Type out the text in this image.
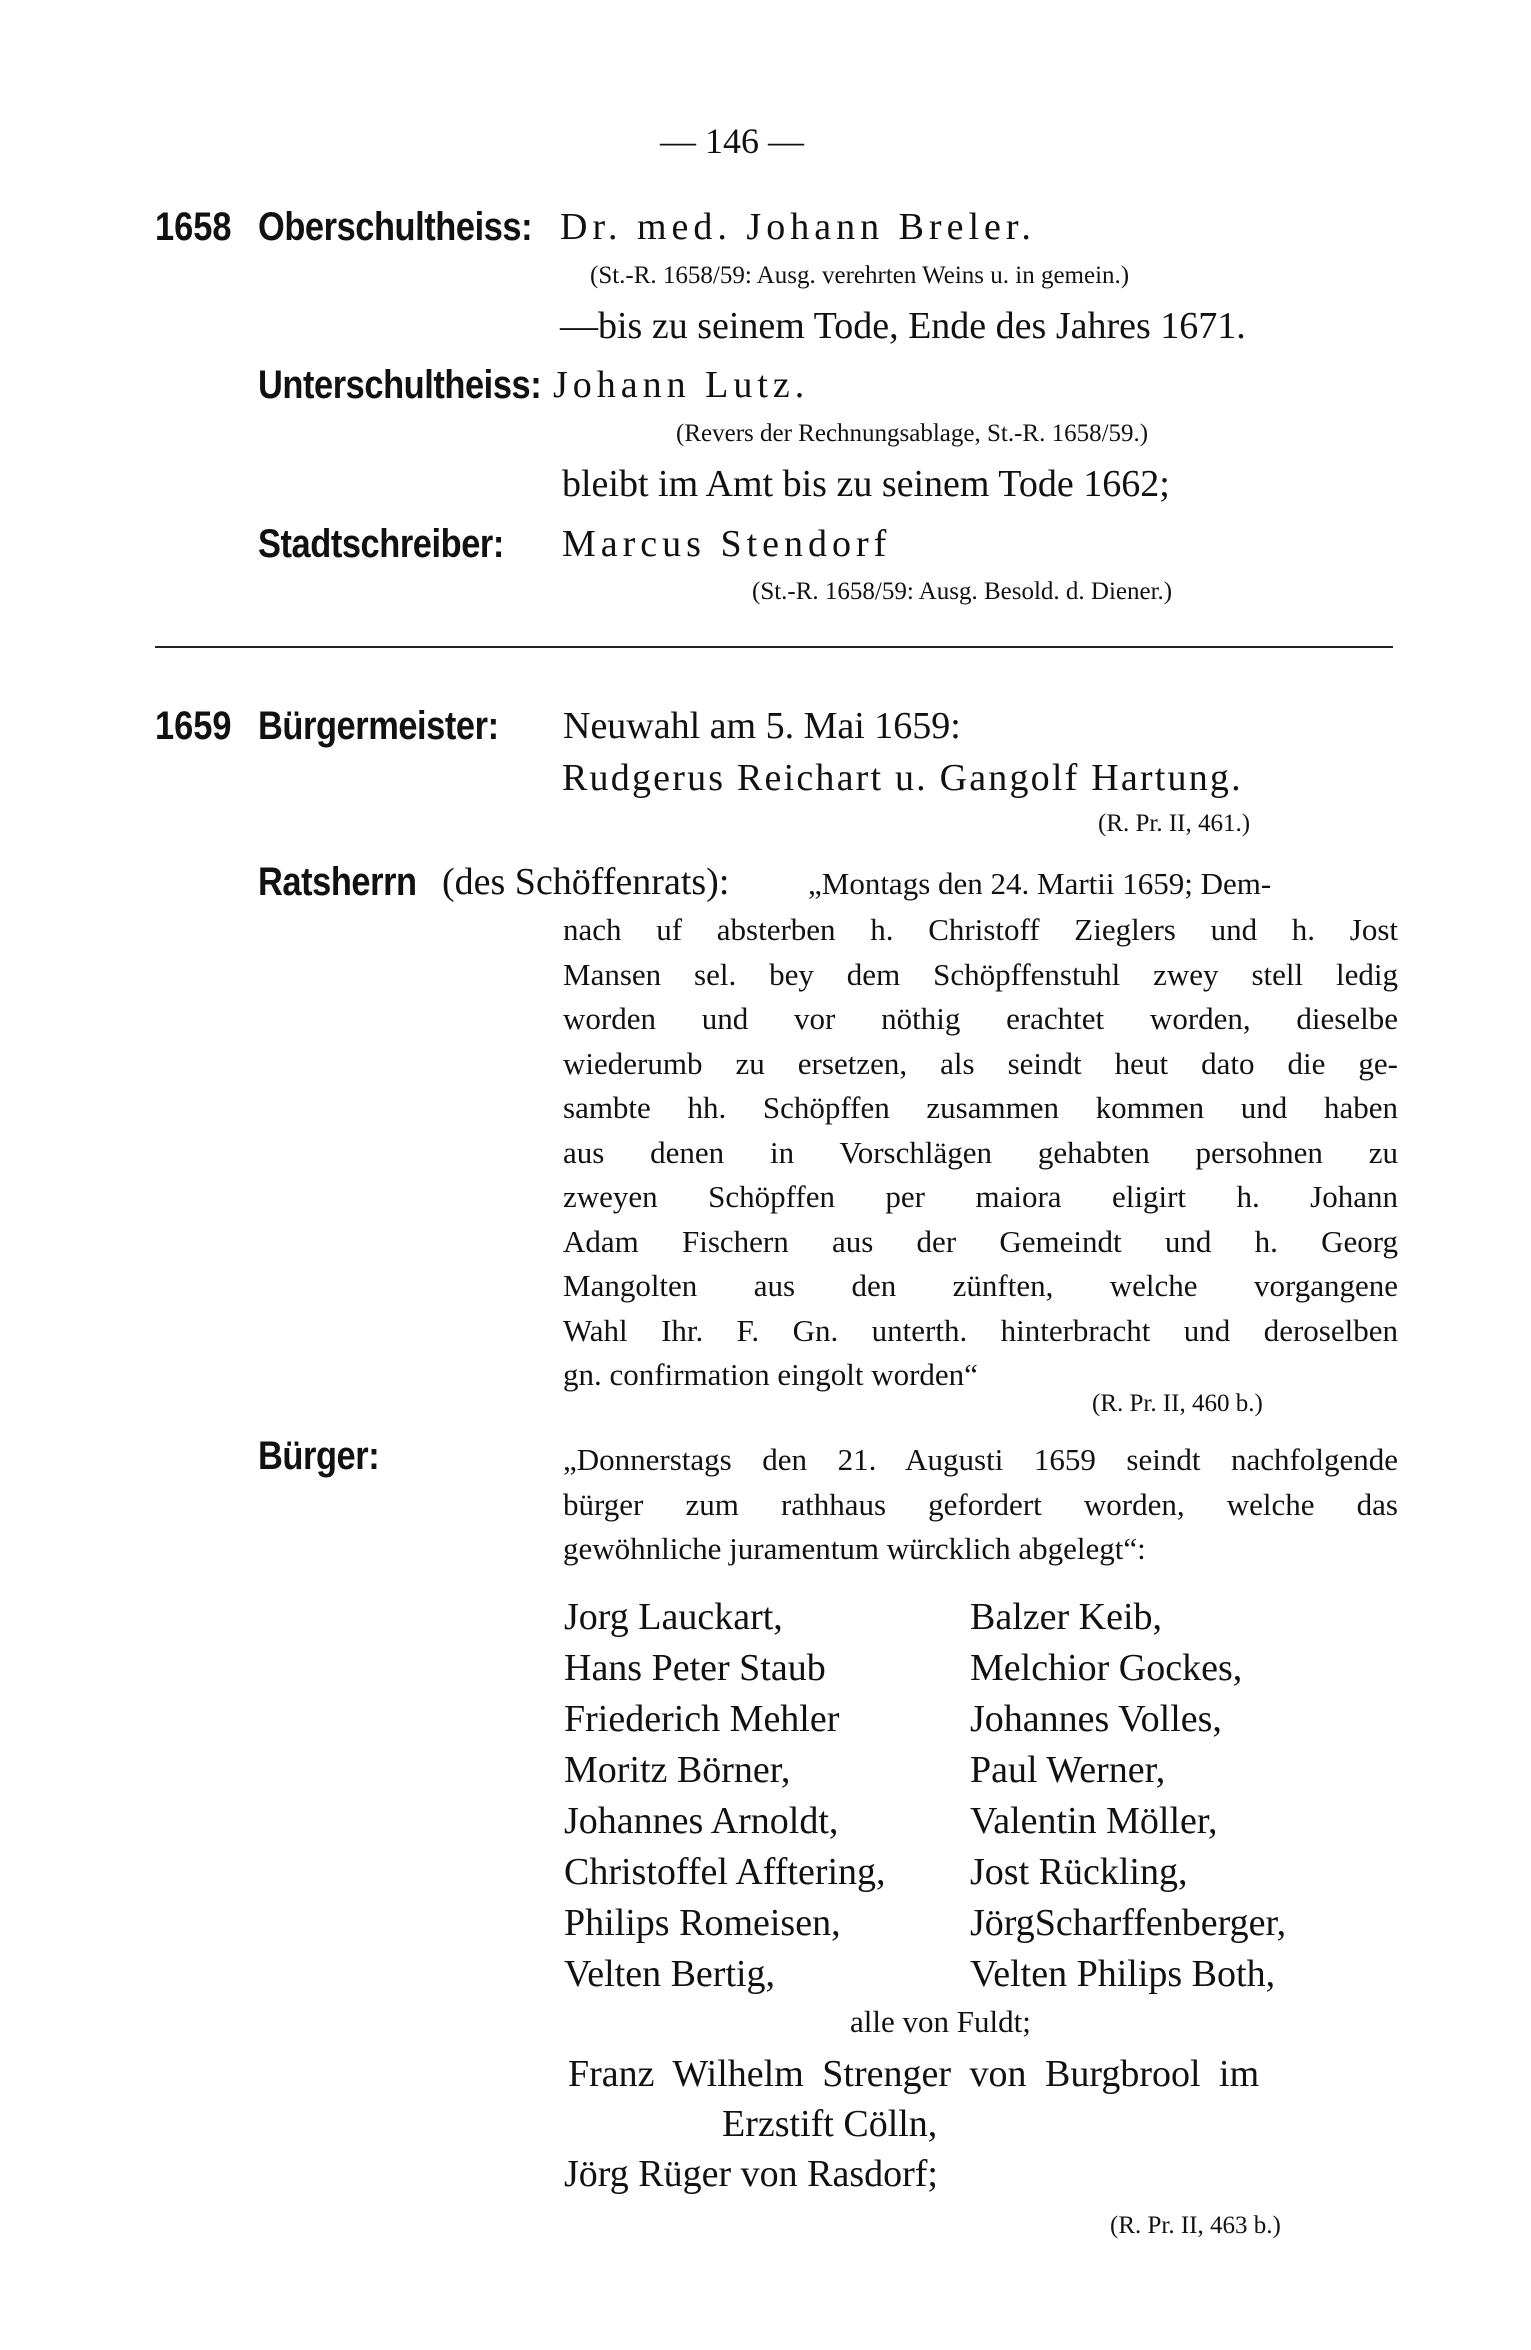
— 146 —
1658 Oberschultheiss: Dr. med. Johann Breler.
(St.-R. 1658/59: Ausg. verehrten Weins u. in gemein.)
—bis zu seinem Tode, Ende des Jahres 1671.
Unterschultheiss: Johann Lutz.
(Revers der Rechnungsablage, St.-R. 1658/59.)
bleibt im Amt bis zu seinem Tode 1662;
Stadtschreiber: Marcus Stendorf
(St.-R. 1658/59: Ausg. Besold. d. Diener.)
1659 Bürgermeister: Neuwahl am 5. Mai 1659:
Rudgerus Reichart u. Gangolf Hartung.
(R. Pr. II, 461.)
Ratsherrn (des Schöffenrats):	„Montags den 24. Martii 1659; Dem-
nach uf absterben h. Christoff Zieglers und h. Jost
Mansen sel. bey dem Schöpffenstuhl zwey stell ledig
worden und vor nöthig erachtet worden, dieselbe
wiederumb zu ersetzen, als seindt heut dato die ge-
sambte hh. Schöpffen zusammen kommen und haben
aus denen in Vorschlägen gehabten persohnen zu
zweyen Schöpffen per maiora eligirt h. Johann
Adam Fischern aus der Gemeindt und h. Georg
Mangolten aus den zünften, welche vorgangene
Wahl Ihr. F. Gn. unterth. hinterbracht und deroselben
gn. confirmation eingolt worden“
(R. Pr. II, 460 b.)
Bürger:	„Donnerstags den 21. Augusti 1659 seindt nachfolgende
bürger zum rathhaus gefordert worden, welche das
gewöhnliche juramentum würcklich abgelegt“:
Jorg Lauckart,
Hans Peter Staub
Friederich Mehler
Moritz Börner,
Johannes Arnoldt,
Christoffel Afftering,
Philips Romeisen,
Velten Bertig,
Balzer Keib,
Melchior Gockes,
Johannes Volles,
Paul Werner,
Valentin Möller,
Jost Rückling,
JörgScharffenberger,
Velten Philips Both,
alle von Fuldt;
Franz Wilhelm Strenger von Burgbrool im
Erzstift Cölln,
Jörg Rüger von Rasdorf;
(R. Pr. II, 463 b.)
